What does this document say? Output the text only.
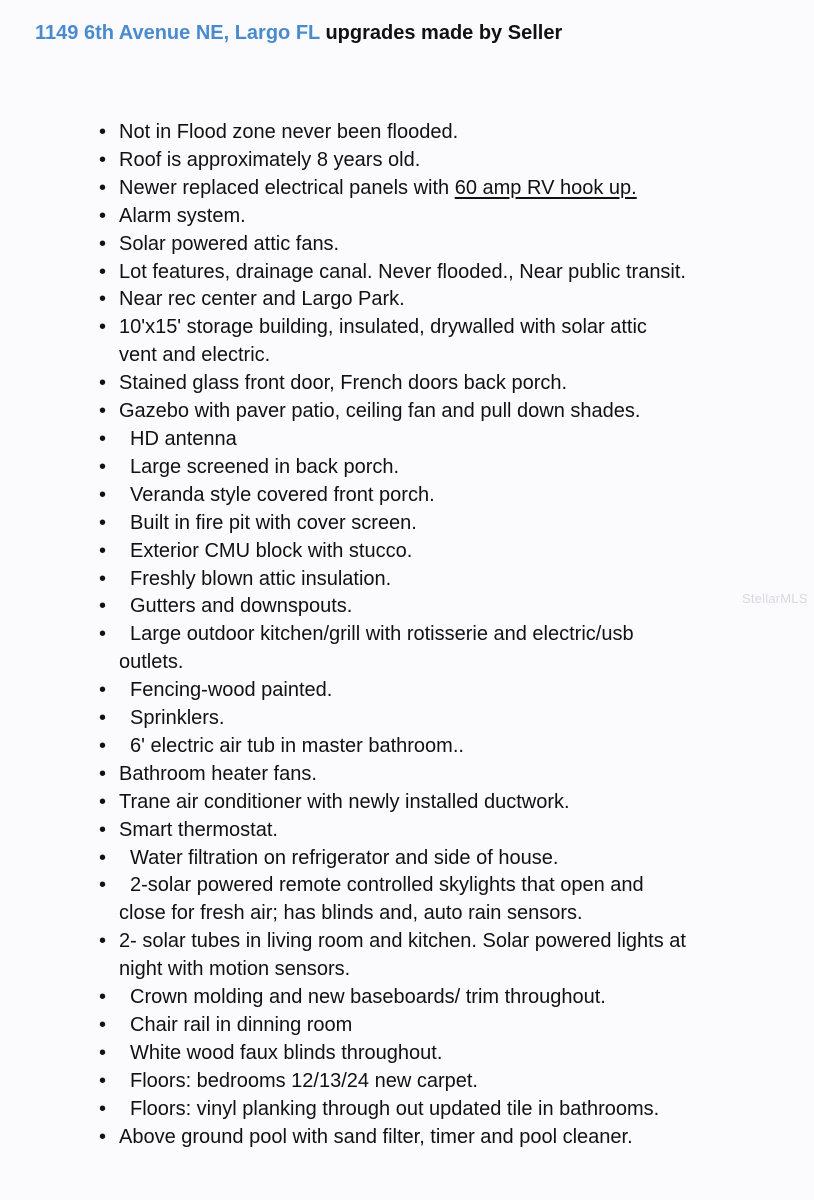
1149 6th Avenue NE, Largo FL upgrades made by Seller
• Not in Flood zone never been flooded.
• Roof is approximately 8 years old.
• Newer replaced electrical panels with 60 amp RV hook up.
• Alarm system.
• Solar powered attic fans.
• Lot features, drainage canal. Never flooded., Near public transit.
• Near rec center and Largo Park.
• 10'x15' storage building, insulated, drywalled with solar attic
vent and electric.
• Stained glass front door, French doors back porch.
• Gazebo with paver patio, ceiling fan and pull down shades.
• HD antenna
• Large screened in back porch.
• Veranda style covered front porch.
• Built in fire pit with cover screen.
• Exterior CMU block with stucco.
• Freshly blown attic insulation.
• Gutters and downspouts.
• Large outdoor kitchen/grill with rotisserie and electric/usb
outlets.
• Fencing-wood painted.
• Sprinklers.
• 6' electric air tub in master bathroom..
• Bathroom heater fans.
• Trane air conditioner with newly installed ductwork.
• Smart thermostat.
• Water filtration on refrigerator and side of house.
• 2-solar powered remote controlled skylights that open and
close for fresh air; has blinds and, auto rain sensors.
• 2- solar tubes in living room and kitchen. Solar powered lights at
night with motion sensors.
• Crown molding and new baseboards/ trim throughout.
• Chair rail in dinning room
• White wood faux blinds throughout.
• Floors: bedrooms 12/13/24 new carpet.
• Floors: vinyl planking through out updated tile in bathrooms.
• Above ground pool with sand filter, timer and pool cleaner.
StellarMLS
